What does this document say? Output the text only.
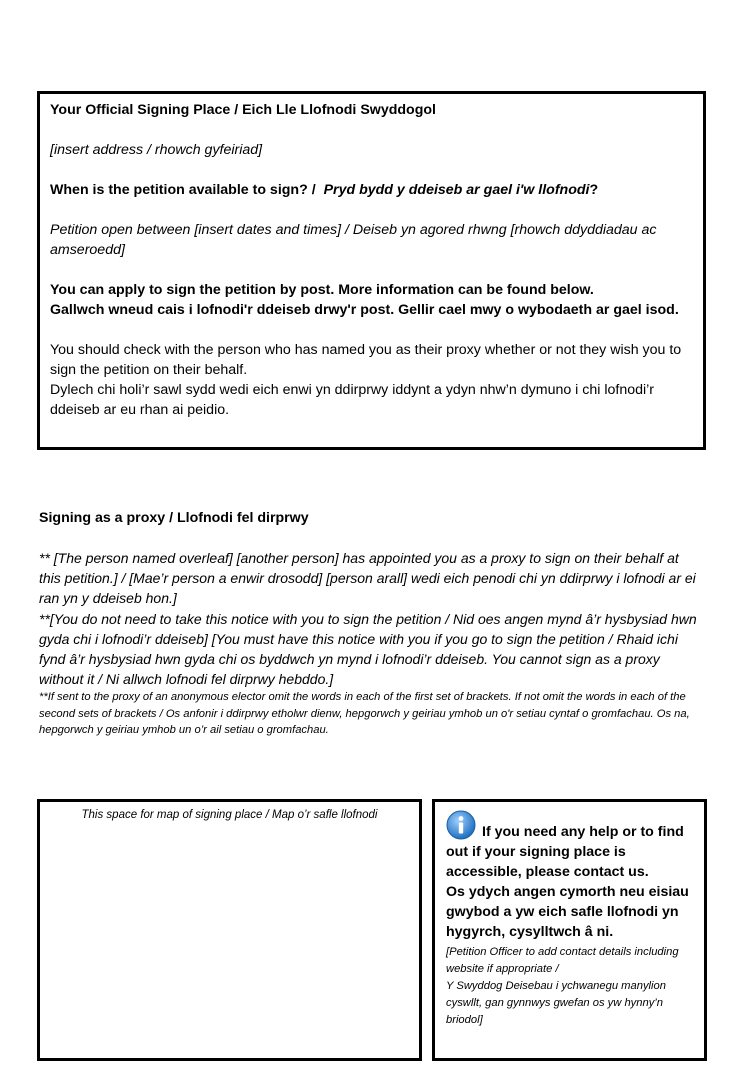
Your Official Signing Place / Eich Lle Llofnodi Swyddogol

[insert address / rhowch gyfeiriad]

When is the petition available to sign? / Pryd bydd y ddeiseb ar gael i'w llofnodi?

Petition open between [insert dates and times] / Deiseb yn agored rhwng [rhowch ddyddiadau ac amseroedd]

You can apply to sign the petition by post. More information can be found below.

Gallwch wneud cais i lofnodi'r ddeiseb drwy'r post. Gellir cael mwy o wybodaeth ar gael isod.

You should check with the person who has named you as their proxy whether or not they wish you to sign the petition on their behalf.

Dylech chi holi’r sawl sydd wedi eich enwi yn ddirprwy iddynt a ydyn nhw’n dymuno i chi lofnodi’r ddeiseb ar eu rhan ai peidio.

Signing as a proxy / Llofnodi fel dirprwy

** [The person named overleaf] [another person] has appointed you as a proxy to sign on their behalf at this petition.] / [Mae’r person a enwir drosodd] [person arall] wedi eich penodi chi yn ddirprwy i lofnodi ar ei ran yn y ddeiseb hon.]

**[You do not need to take this notice with you to sign the petition / Nid oes angen mynd â’r hysbysiad hwn gyda chi i lofnodi’r ddeiseb] [You must have this notice with you if you go to sign the petition / Rhaid ichi fynd â’r hysbysiad hwn gyda chi os byddwch yn mynd i lofnodi’r ddeiseb. You cannot sign as a proxy without it / Ni allwch lofnodi fel dirprwy hebddo.]

**If sent to the proxy of an anonymous elector omit the words in each of the first set of brackets. If not omit the words in each of the second sets of brackets / Os anfonir i ddirprwy etholwr dienw, hepgorwch y geiriau ymhob un o'r setiau cyntaf o gromfachau. Os na, hepgorwch y geiriau ymhob un o’r ail setiau o gromfachau.

This space for map of signing place / Map o’r safle llofnodi

If you need any help or to find out if your signing place is accessible, please contact us.

Os ydych angen cymorth neu eisiau gwybod a yw eich safle llofnodi yn hygyrch, cysylltwch â ni.

[Petition Officer to add contact details including website if appropriate /

Y Swyddog Deisebau i ychwanegu manylion cyswllt, gan gynnwys gwefan os yw hynny’n briodol]
